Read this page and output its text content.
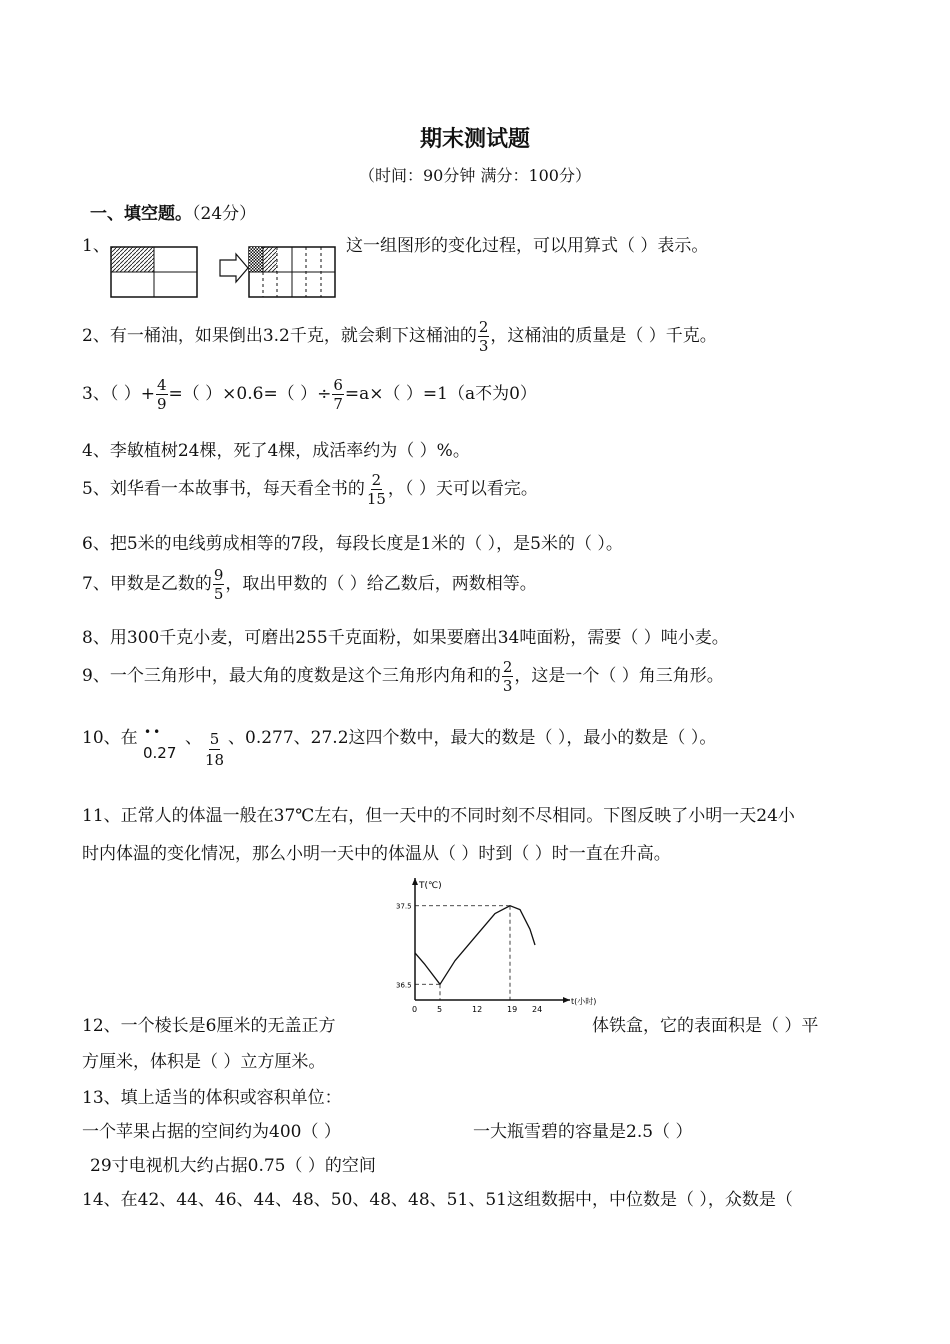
期末测试题
（时间：90分钟 满分：100分）
一、填空题。（24分）
1、	这一组图形的变化过程，可以用算式（ ）表示。
2、有一桶油，如果倒出3.2千克，就会剩下这桶油的 $\frac{2}{3}$ ，这桶油的质量是（ ）千克。
3、（ ）+ $\frac{4}{9}$ =（ ）×0.6=（ ）÷ $\frac{6}{7} =a\times$（ ）=1（a不为0）
4、李敏植树24棵，死了4棵，成活率约为（ ）%。
5、刘华看一本故事书，每天看全书的 $\frac{2}{15}$ ，（ ）天可以看完。
6、把5米的电线剪成相等的7段，每段长度是1米的（ ），是5米的（ ）。
7、甲数是乙数的 $\frac{9}{5}$ ，取出甲数的（ ）给乙数后，两数相等。
8、用300千克小麦，可磨出255千克面粉，如果要磨出34吨面粉，需要（ ）吨小麦。
9、一个三角形中，最大角的度数是这个三角形内角和的 $\frac{2}{3}$ ，这是一个（ ）角三角形。
10、在 ••
0.27
、 $\frac{5}{18}$ 、0.277、27.2这四个数中，最大的数是（ ），最小的数是（ ）。
11、正常人的体温一般在37℃左右，但一天中的不同时刻不尽相同。下图反映了小明一天24小
时内体温的变化情况，那么小明一天中的体温从（ ）时到（ ）时一直在升高。
T(℃)
t(小时)
0 5	12	19 24
36.5
37.5
12、一个棱长是6厘米的无盖正方	体铁盒，它的表面积是（ ）平
方厘米，体积是（ ）立方厘米。
13、填上适当的体积或容积单位：
一个苹果占据的空间约为400（ ）	一大瓶雪碧的容量是2.5（ ）
29寸电视机大约占据0.75（ ）的空间
14、在42、44、46、44、48、50、48、48、51、51这组数据中，中位数是（ ），众数是（
